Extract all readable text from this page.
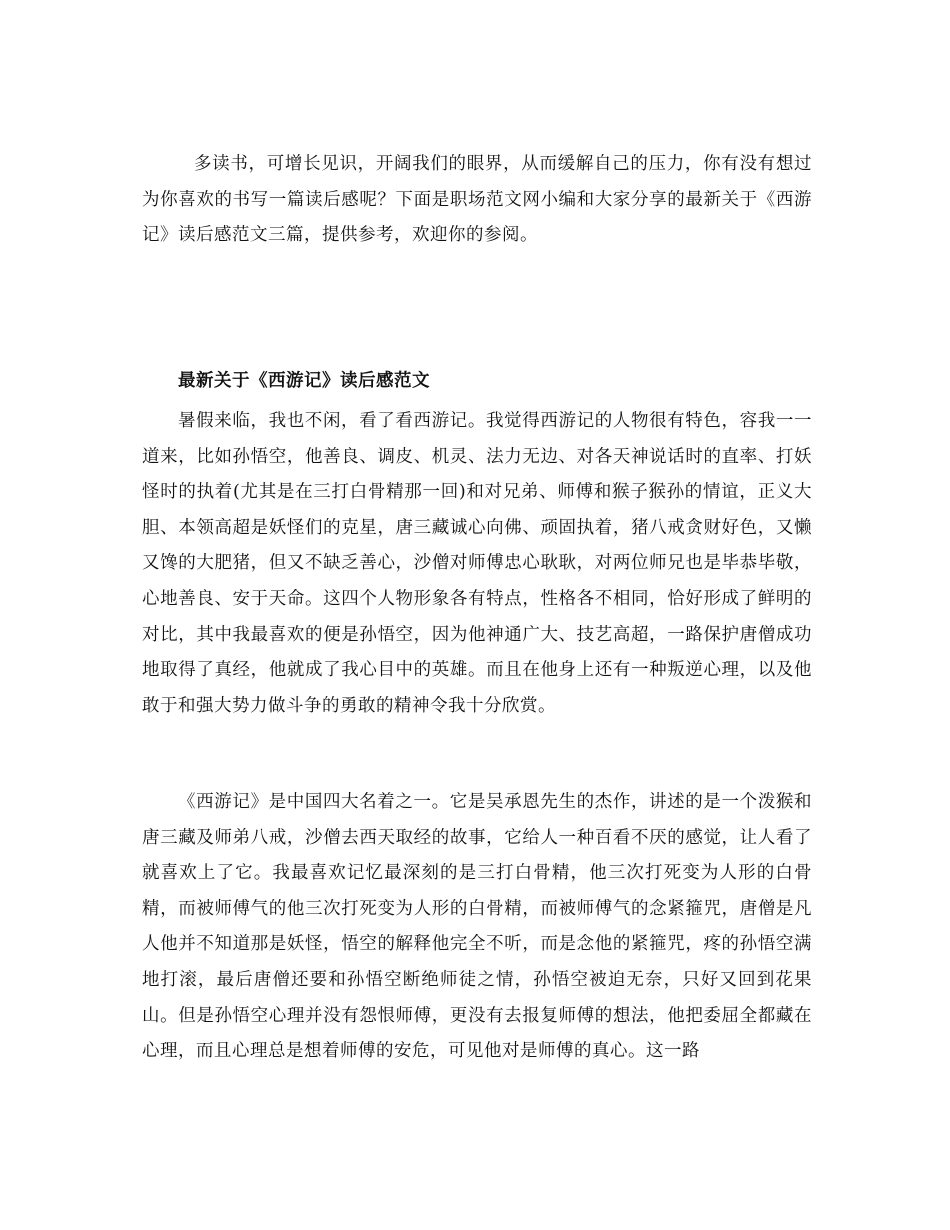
多读书，可增长见识，开阔我们的眼界，从而缓解自己的压力，你有没有想过为你喜欢的书写一篇读后感呢？下面是职场范文网小编和大家分享的最新关于《西游记》读后感范文三篇，提供参考，欢迎你的参阅。

最新关于《西游记》读后感范文

暑假来临，我也不闲，看了看西游记。我觉得西游记的人物很有特色，容我一一道来，比如孙悟空，他善良、调皮、机灵、法力无边、对各天神说话时的直率、打妖怪时的执着(尤其是在三打白骨精那一回)和对兄弟、师傅和猴子猴孙的情谊，正义大胆、本领高超是妖怪们的克星，唐三藏诚心向佛、顽固执着，猪八戒贪财好色，又懒又馋的大肥猪，但又不缺乏善心，沙僧对师傅忠心耿耿，对两位师兄也是毕恭毕敬，心地善良、安于天命。这四个人物形象各有特点，性格各不相同，恰好形成了鲜明的对比，其中我最喜欢的便是孙悟空，因为他神通广大、技艺高超，一路保护唐僧成功地取得了真经，他就成了我心目中的英雄。而且在他身上还有一种叛逆心理，以及他敢于和强大势力做斗争的勇敢的精神令我十分欣赏。

《西游记》是中国四大名着之一。它是吴承恩先生的杰作，讲述的是一个泼猴和唐三藏及师弟八戒，沙僧去西天取经的故事，它给人一种百看不厌的感觉，让人看了就喜欢上了它。我最喜欢记忆最深刻的是三打白骨精，他三次打死变为人形的白骨精，而被师傅气的他三次打死变为人形的白骨精，而被师傅气的念紧箍咒，唐僧是凡人他并不知道那是妖怪，悟空的解释他完全不听，而是念他的紧箍咒，疼的孙悟空满地打滚，最后唐僧还要和孙悟空断绝师徒之情，孙悟空被迫无奈，只好又回到花果山。但是孙悟空心理并没有怨恨师傅，更没有去报复师傅的想法，他把委屈全都藏在心理，而且心理总是想着师傅的安危，可见他对是师傅的真心。这一路
